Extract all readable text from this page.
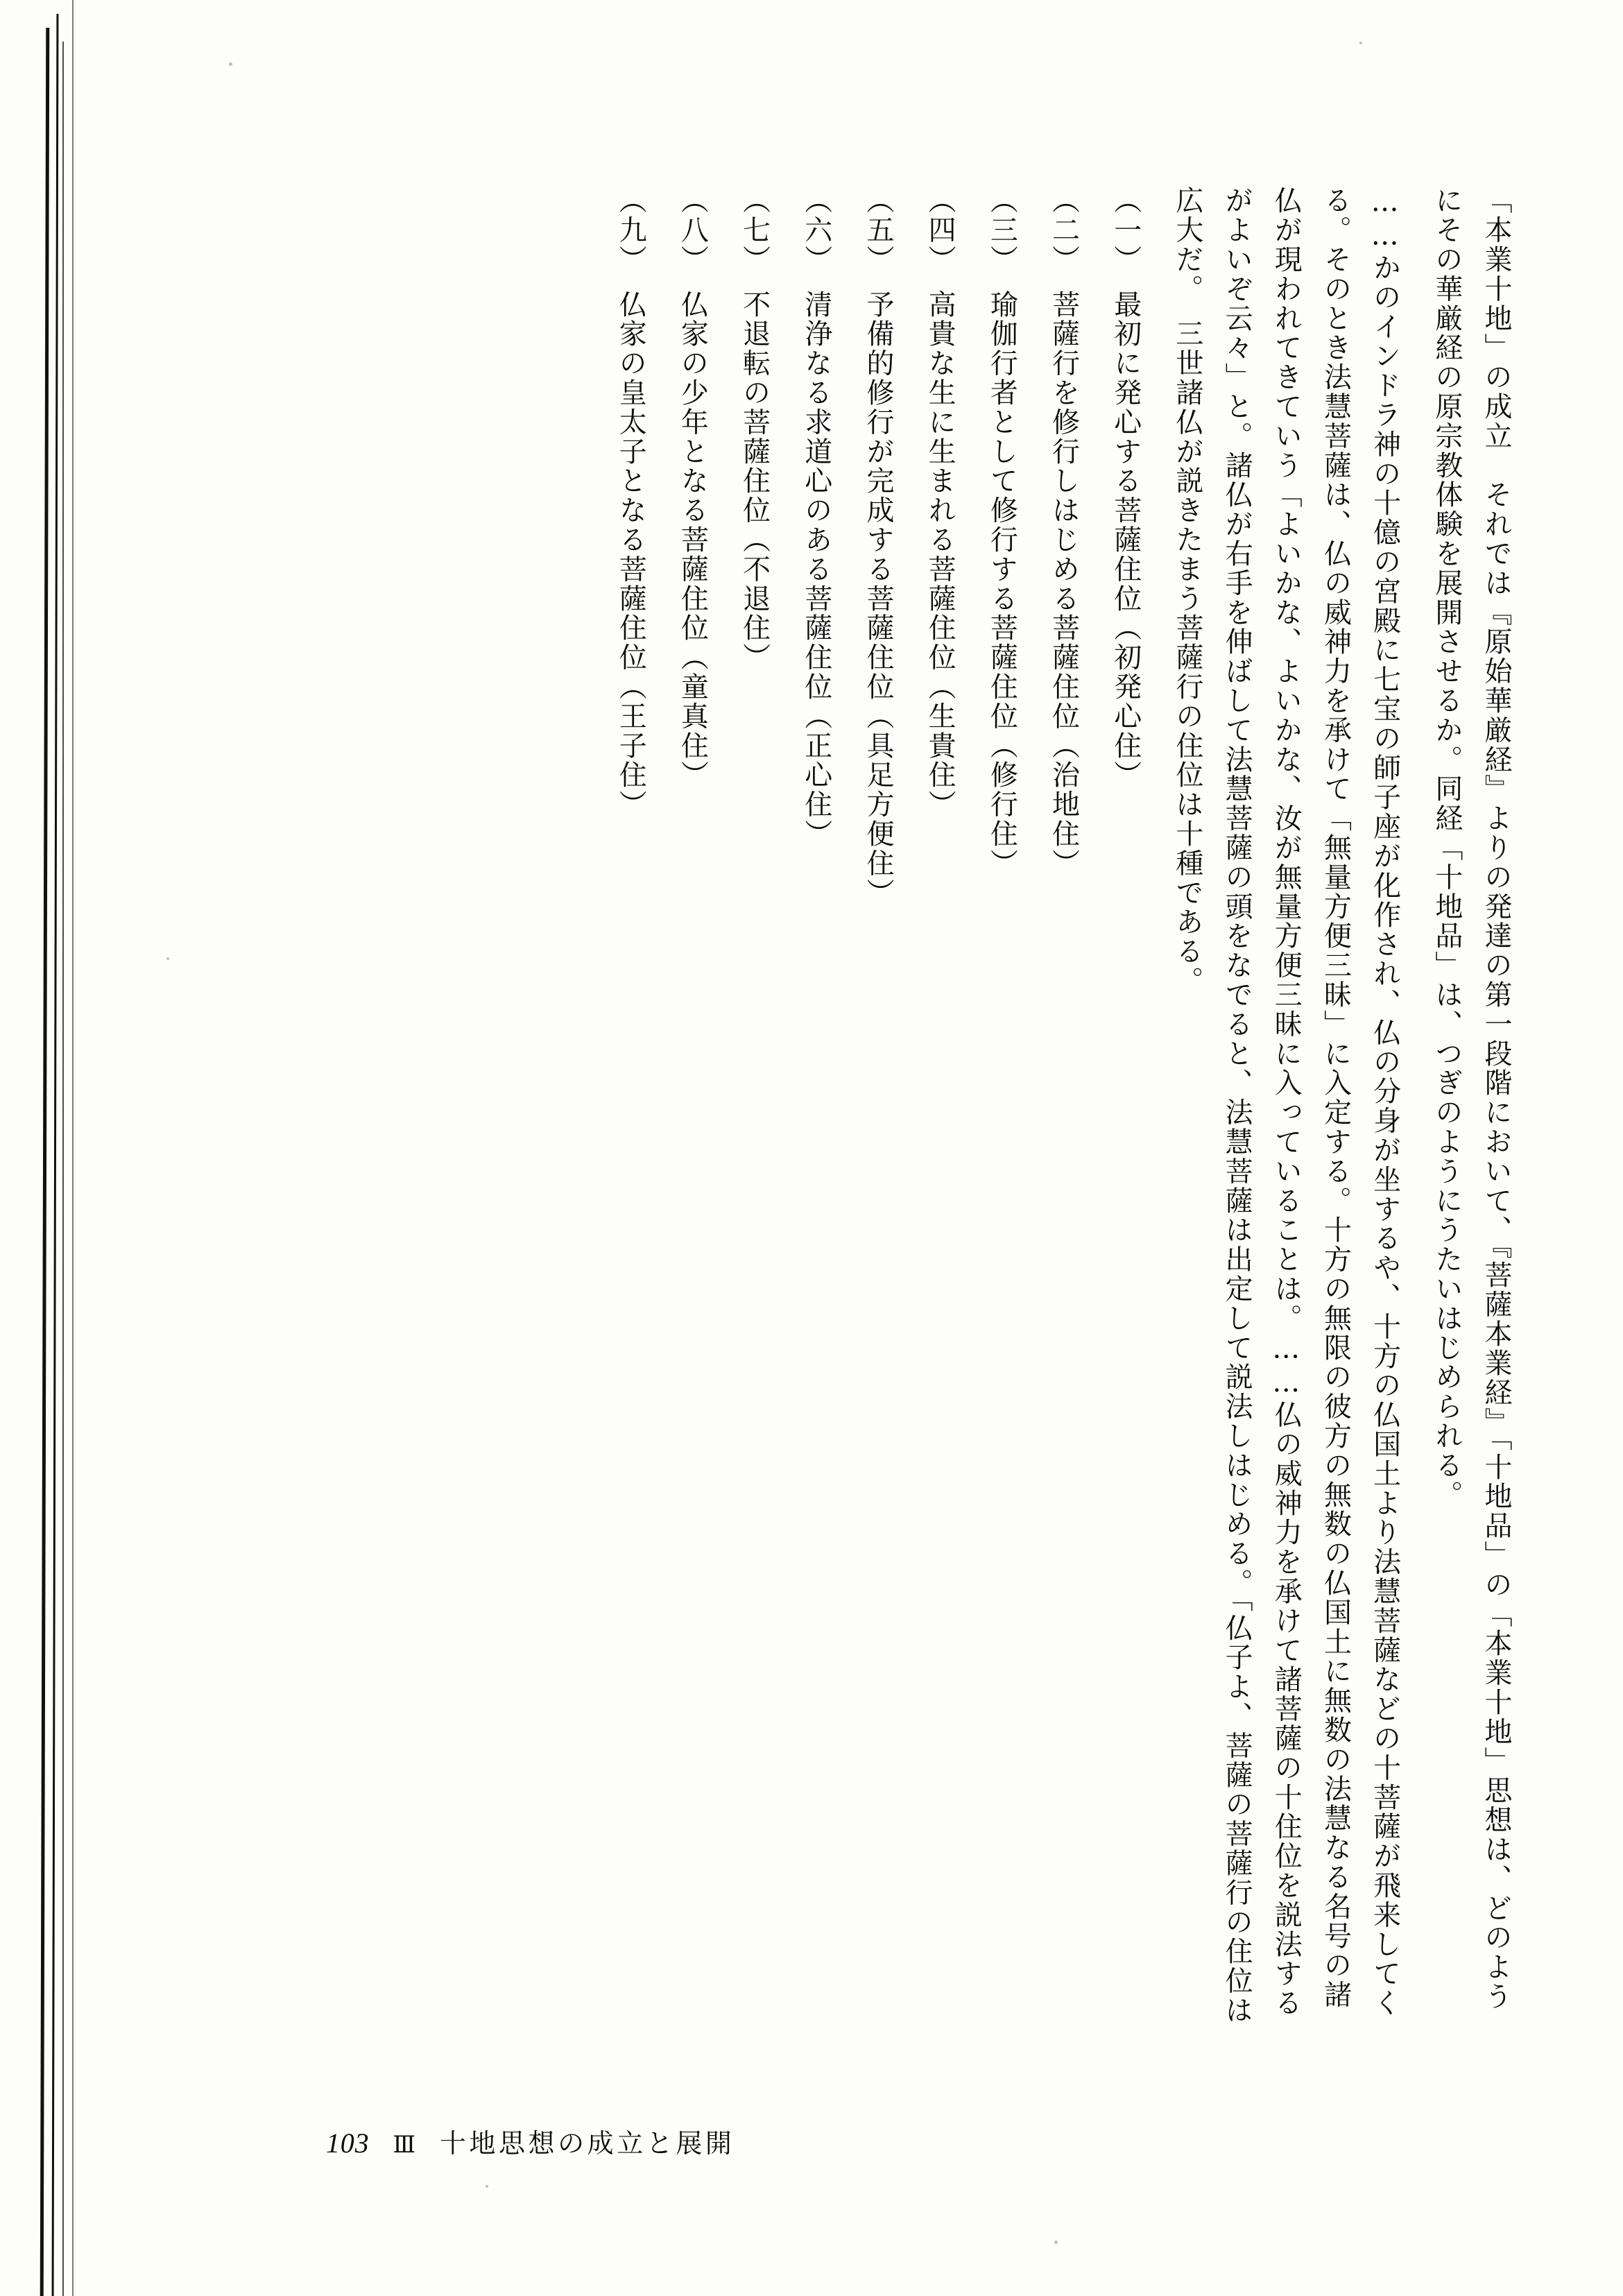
「本業十地」の成立　それでは『原始華厳経』よりの発達の第一段階において、『菩薩本業経』「十地品」の「本業十地」思想は、どのようにその華厳経の原宗教体験を展開させるか。同経「十地品」は、つぎのようにうたいはじめられる。

……かのインドラ神の十億の宮殿に七宝の師子座が化作され、仏の分身が坐するや、十方の仏国土より法慧菩薩などの十菩薩が飛来してくる。そのとき法慧菩薩は、仏の威神力を承けて「無量方便三昧」に入定する。十方の無限の彼方の無数の仏国土に無数の法慧なる名号の諸仏が現われてきていう「よいかな、よいかな、汝が無量方便三昧に入っていることは。……仏の威神力を承けて諸菩薩の十住位を説法するがよいぞ云々」と。諸仏が右手を伸ばして法慧菩薩の頭をなでると、法慧菩薩は出定して説法しはじめる。「仏子よ、菩薩の菩薩行の住位は広大だ。　三世諸仏が説きたまう菩薩行の住位は十種である。

（一）　最初に発心する菩薩住位（初発心住）

（二）　菩薩行を修行しはじめる菩薩住位（治地住）

（三）　瑜伽行者として修行する菩薩住位（修行住）

（四）　高貴な生に生まれる菩薩住位（生貴住）

（五）　予備的修行が完成する菩薩住位（具足方便住）

（六）　清浄なる求道心のある菩薩住位（正心住）

（七）　不退転の菩薩住位（不退住）

（八）　仏家の少年となる菩薩住位（童真住）

（九）　仏家の皇太子となる菩薩住位（王子住）

103 Ⅲ 十地思想の成立と展開
